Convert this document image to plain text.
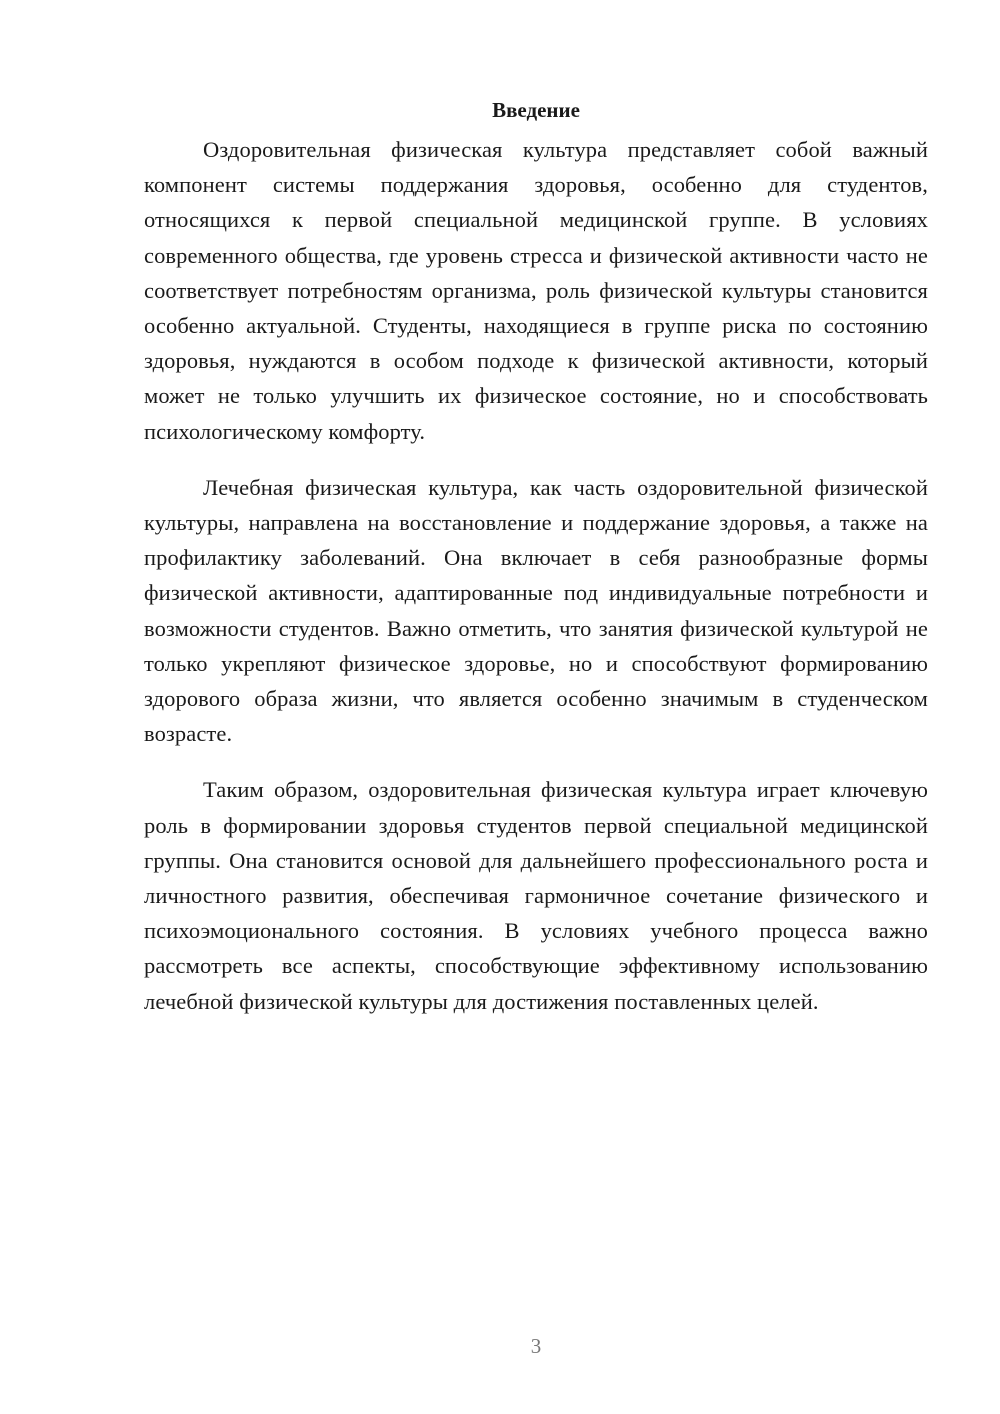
Введение

Оздоровительная физическая культура представляет собой важный компонент системы поддержания здоровья, особенно для студентов, относящихся к первой специальной медицинской группе. В условиях современного общества, где уровень стресса и физической активности часто не соответствует потребностям организма, роль физической культуры становится особенно актуальной. Студенты, находящиеся в группе риска по состоянию здоровья, нуждаются в особом подходе к физической активности, который может не только улучшить их физическое состояние, но и способствовать психологическому комфорту.

Лечебная физическая культура, как часть оздоровительной физической культуры, направлена на восстановление и поддержание здоровья, а также на профилактику заболеваний. Она включает в себя разнообразные формы физической активности, адаптированные под индивидуальные потребности и возможности студентов. Важно отметить, что занятия физической культурой не только укрепляют физическое здоровье, но и способствуют формированию здорового образа жизни, что является особенно значимым в студенческом возрасте.

Таким образом, оздоровительная физическая культура играет ключевую роль в формировании здоровья студентов первой специальной медицинской группы. Она становится основой для дальнейшего профессионального роста и личностного развития, обеспечивая гармоничное сочетание физического и психоэмоционального состояния. В условиях учебного процесса важно рассмотреть все аспекты, способствующие эффективному использованию лечебной физической культуры для достижения поставленных целей.

3
